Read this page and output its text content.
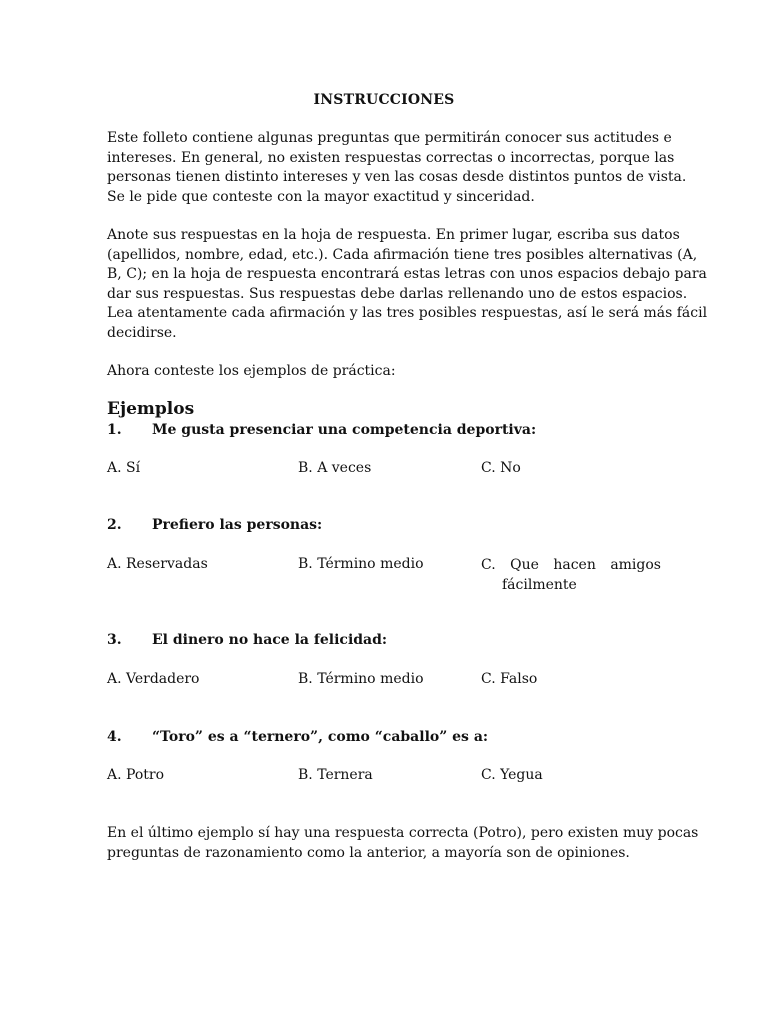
INSTRUCCIONES
Este folleto contiene algunas preguntas que permitirán conocer sus actitudes e
intereses. En general, no existen respuestas correctas o incorrectas, porque las
personas tienen distinto intereses y ven las cosas desde distintos puntos de vista.
Se le pide que conteste con la mayor exactitud y sinceridad.
Anote sus respuestas en la hoja de respuesta. En primer lugar, escriba sus datos
(apellidos, nombre, edad, etc.). Cada afirmación tiene tres posibles alternativas (A,
B, C); en la hoja de respuesta encontrará estas letras con unos espacios debajo para
dar sus respuestas. Sus respuestas debe darlas rellenando uno de estos espacios.
Lea atentamente cada afirmación y las tres posibles respuestas, así le será más fácil
decidirse.
Ahora conteste los ejemplos de práctica:
Ejemplos
1. Me gusta presenciar una competencia deportiva:
A. Sí	B. A veces	C. No
2. Prefiero las personas:
A. Reservadas	B. Término medio	C. Que hacen amigos
fácilmente
3. El dinero no hace la felicidad:
A. Verdadero	B. Término medio	C. Falso
4. “Toro” es a “ternero”, como “caballo” es a:
A. Potro	B. Ternera	C. Yegua
En el último ejemplo sí hay una respuesta correcta (Potro), pero existen muy pocas
preguntas de razonamiento como la anterior, a mayoría son de opiniones.
